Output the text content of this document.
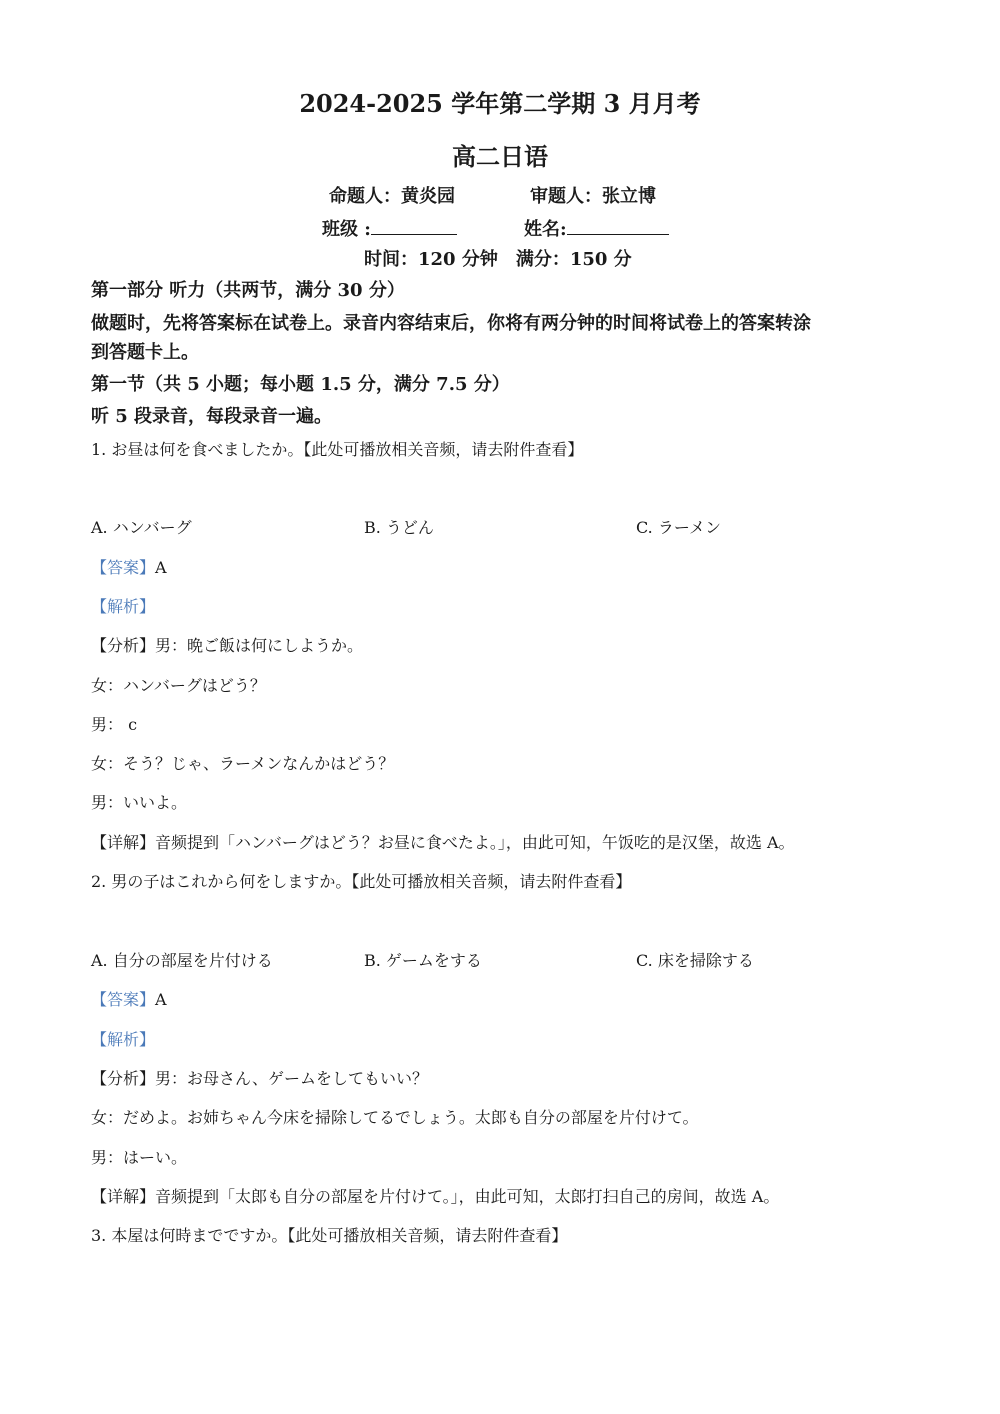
2024-2025 学年第二学期 3 月月考
高二日语
命题人：黄炎园	审题人：张立博
班级 :	姓名:
时间：120 分钟　满分：150 分
第一部分 听力（共两节，满分 30 分）
做题时，先将答案标在试卷上。录音内容结束后，你将有两分钟的时间将试卷上的答案转涂
到答题卡上。
第一节（共 5 小题；每小题 1.5 分，满分 7.5 分）
听 5 段录音，每段录音一遍。
1. お昼は何を食べましたか。【此处可播放相关音频，请去附件查看】
A. ハンバーグ	B. うどん	C. ラーメン
【答案】A
【解析】
【分析】男：晩ご飯は何にしようか。
女：ハンバーグはどう？
男： c
女：そう？じゃ、ラーメンなんかはどう？
男：いいよ。
【详解】音频提到「ハンバーグはどう？お昼に食べたよ。」，由此可知，午饭吃的是汉堡，故选 A。
2. 男の子はこれから何をしますか。【此处可播放相关音频，请去附件查看】
A. 自分の部屋を片付ける	B. ゲームをする	C. 床を掃除する
【答案】A
【解析】
【分析】男：お母さん、ゲームをしてもいい？
女：だめよ。お姉ちゃん今床を掃除してるでしょう。太郎も自分の部屋を片付けて。
男：はーい。
【详解】音频提到「太郎も自分の部屋を片付けて。」，由此可知，太郎打扫自己的房间，故选 A。
3. 本屋は何時までですか。【此处可播放相关音频，请去附件查看】
